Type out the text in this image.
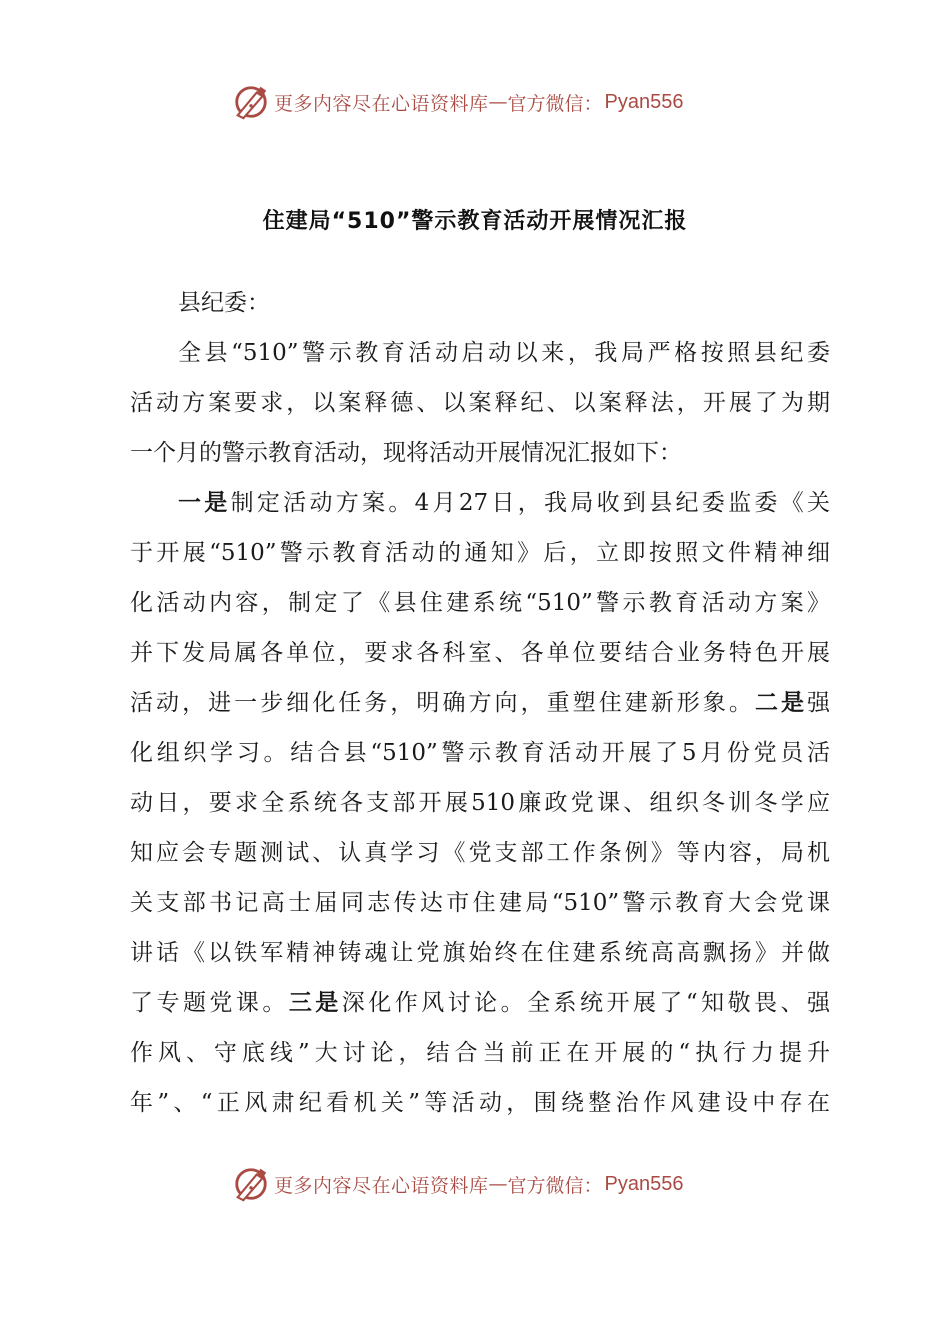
更多内容尽在心语资料库 — 官方微信： Pyan556
住建局“510”警示教育活动开展情况汇报
县纪委：
全县“510”警示教育活动启动以来，我局严格按照县纪委
活动方案要求，以案释德、以案释纪、以案释法，开展了为期
一个月的警示教育活动，现将活动开展情况汇报如下：
一是制定活动方案。4月27日，我局收到县纪委监委《关
于开展“510”警示教育活动的通知》后，立即按照文件精神细
化活动内容，制定了《县住建系统“510”警示教育活动方案》
并下发局属各单位，要求各科室、各单位要结合业务特色开展
活动，进一步细化任务，明确方向，重塑住建新形象。二是强
化组织学习。结合县“510”警示教育活动开展了5月份党员活
动日，要求全系统各支部开展510廉政党课、组织冬训冬学应
知应会专题测试、认真学习《党支部工作条例》等内容，局机
关支部书记高士届同志传达市住建局“510”警示教育大会党课
讲话《以铁军精神铸魂让党旗始终在住建系统高高飘扬》并做
了专题党课。三是深化作风讨论。全系统开展了“知敬畏、强
作风、守底线”大讨论，结合当前正在开展的“执行力提升
年”、“正风肃纪看机关”等活动，围绕整治作风建设中存在
更多内容尽在心语资料库 — 官方微信： Pyan556
